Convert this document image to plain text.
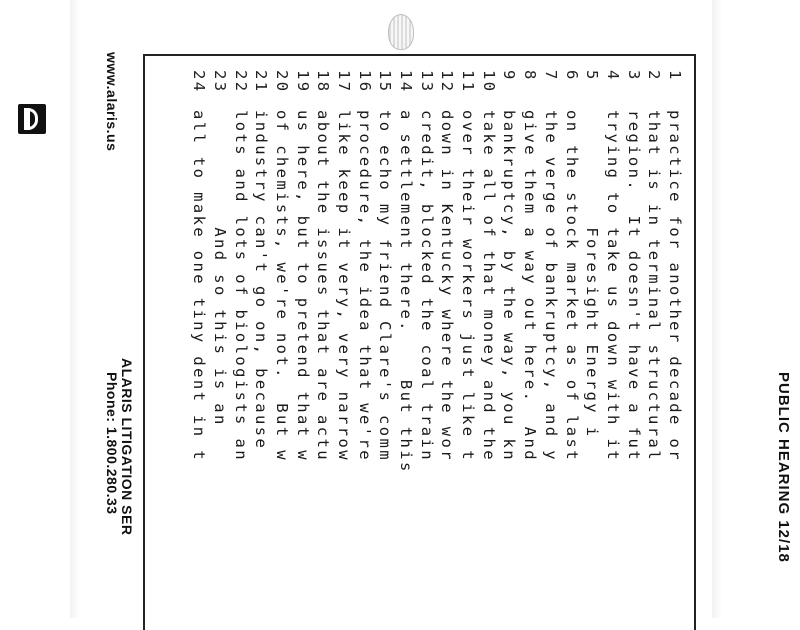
PUBLIC HEARING 12/18
1practice for another decade or
2that is in terminal structural
3region.  It doesn't have a fut
4trying to take us down with it
5          Foresight Energy i
6on the stock market as of last
7the verge of bankruptcy, and y
8give them a way out here.  And
9bankruptcy, by the way, you kn
10take all of that money and the
11over their workers just like t
12down in Kentucky where the wor
13credit, blocked the coal train
14a settlement there.    But this
15to echo my friend Clare's comm
16procedure, the idea that we're
17like keep it very, very narrow
18about the issues that are actu
19us here, but to pretend that w
20of chemists, we're not.  But w
21industry can't go on, because
22lots and lots of biologists an
23          And so this is an
24all to make one tiny dent in t
ALARIS LITIGATION SER
Phone: 1.800.280.33
www.alaris.us
